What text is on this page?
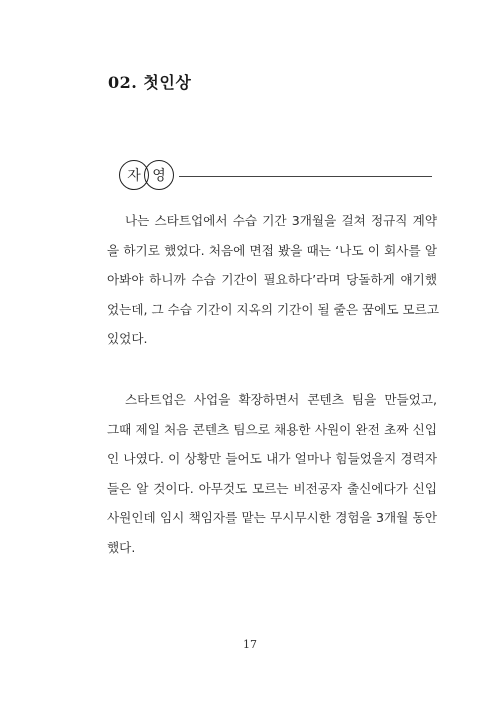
02. 첫인상
자 영

나는 스타트업에서 수습 기간 3개월을 걸쳐 정규직 계약
을 하기로 했었다. 처음에 면접 봤을 때는 ‘나도 이 회사를 알
아봐야 하니까 수습 기간이 필요하다’라며 당돌하게 얘기했
었는데, 그 수습 기간이 지옥의 기간이 될 줄은 꿈에도 모르고
있었다.

스타트업은 사업을 확장하면서 콘텐츠 팀을 만들었고,
그때 제일 처음 콘텐츠 팀으로 채용한 사원이 완전 초짜 신입
인 나였다. 이 상황만 들어도 내가 얼마나 힘들었을지 경력자
들은 알 것이다. 아무것도 모르는 비전공자 출신에다가 신입
사원인데 임시 책임자를 맡는 무시무시한 경험을 3개월 동안
했다.

17
